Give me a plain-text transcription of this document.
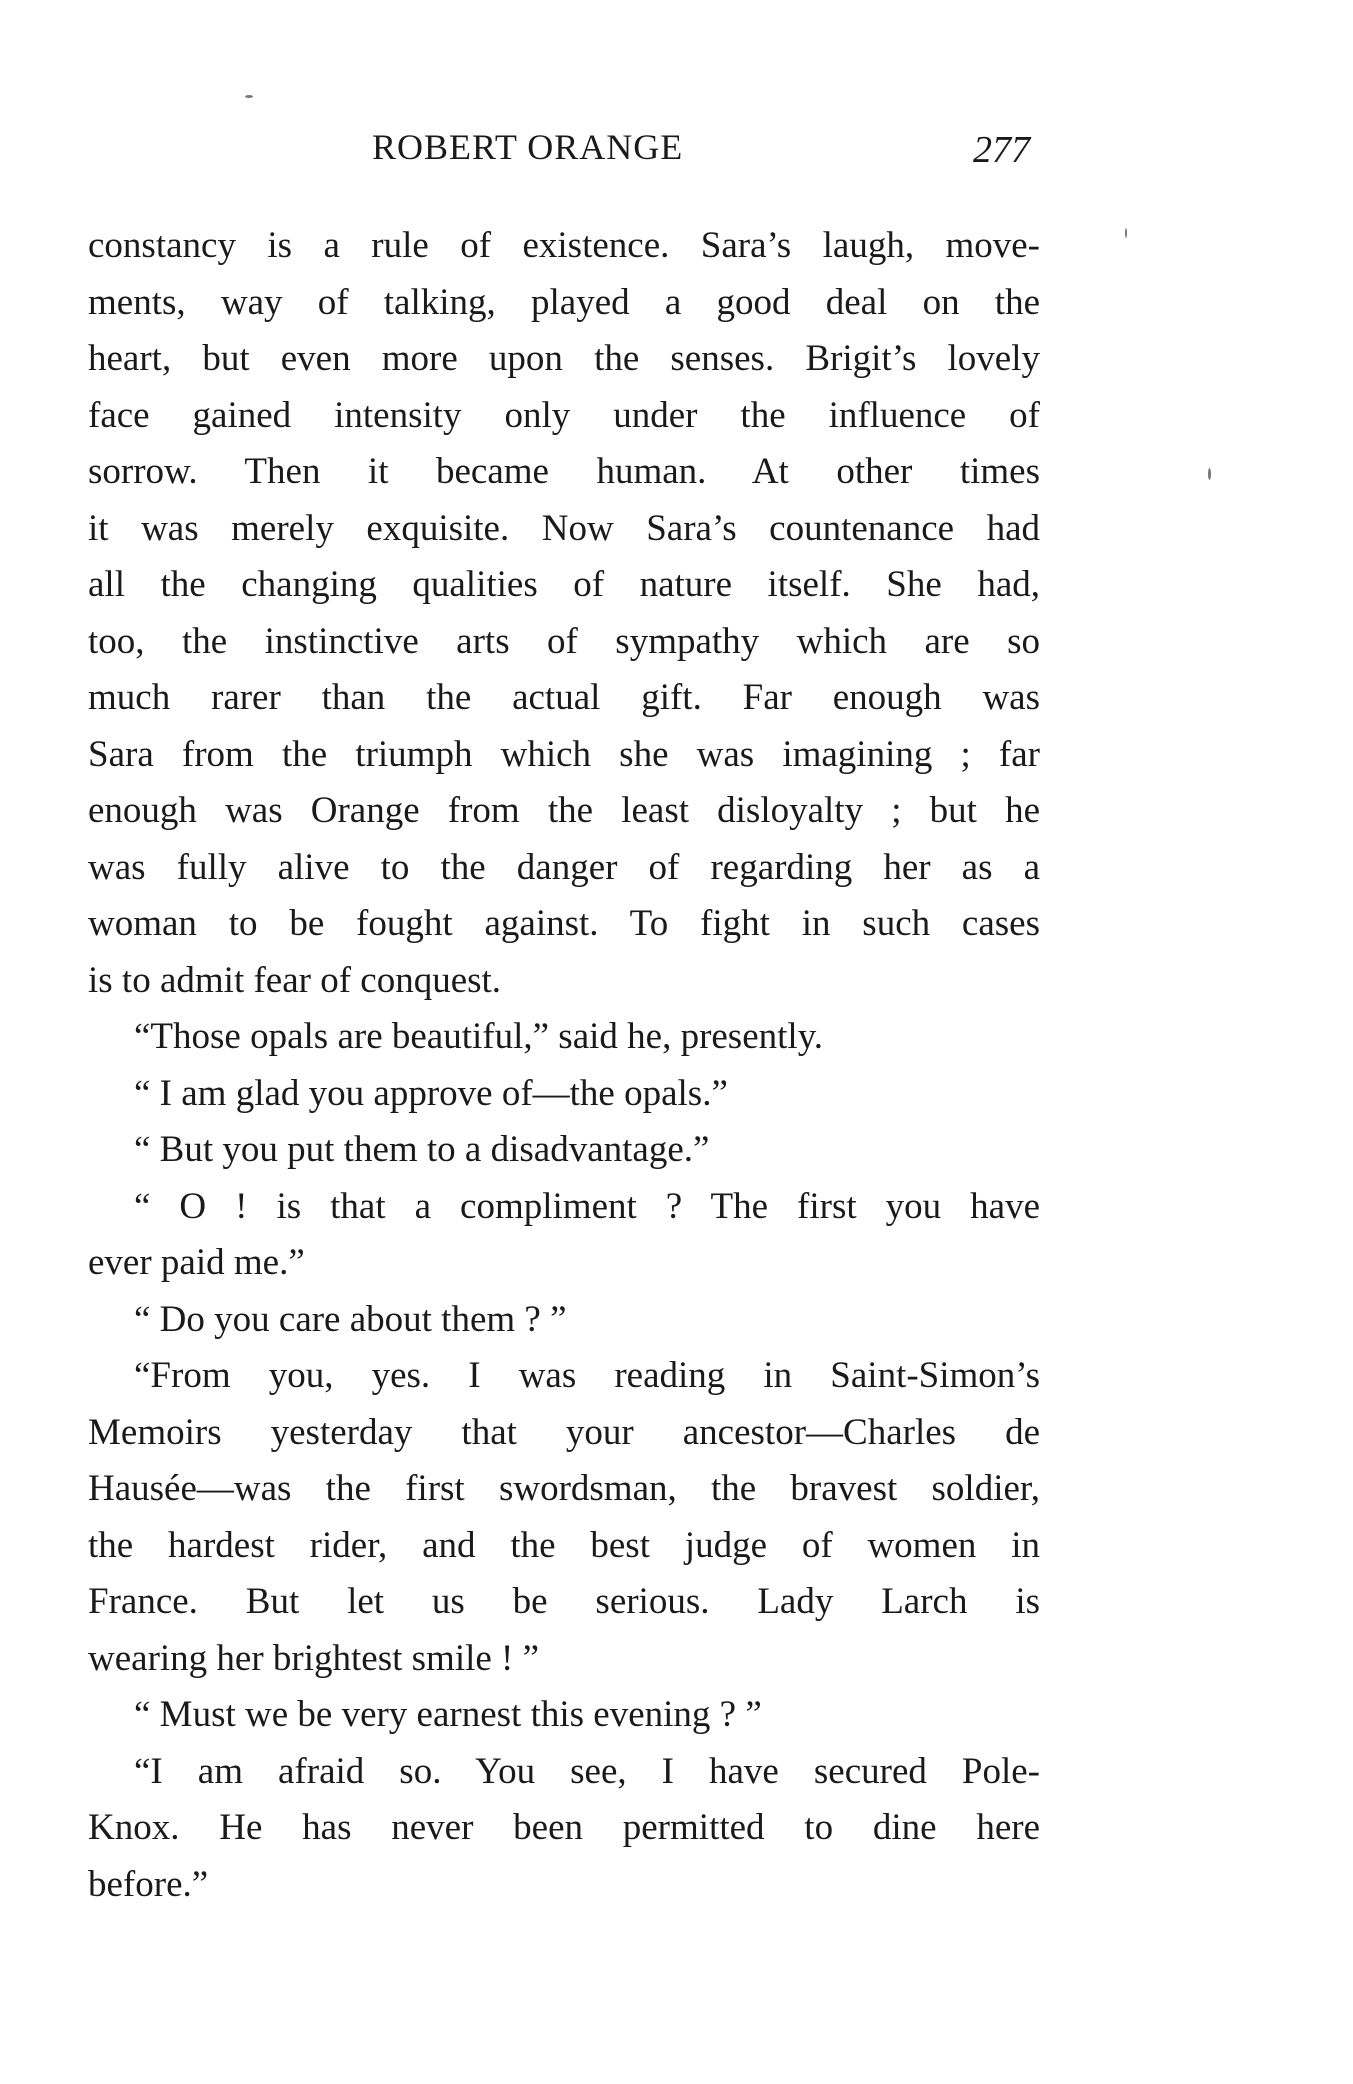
ROBERT ORANGE	277
constancy is a rule of existence. Sara’s laugh, move-
ments, way of talking, played a good deal on the
heart, but even more upon the senses. Brigit’s lovely
face gained intensity only under the influence of
sorrow. Then it became human. At other times
it was merely exquisite. Now Sara’s countenance had
all the changing qualities of nature itself. She had,
too, the instinctive arts of sympathy which are so
much rarer than the actual gift. Far enough was
Sara from the triumph which she was imagining ; far
enough was Orange from the least disloyalty ; but he
was fully alive to the danger of regarding her as a
woman to be fought against. To fight in such cases
is to admit fear of conquest.
“Those opals are beautiful,” said he, presently.
“ I am glad you approve of—the opals.”
“ But you put them to a disadvantage.”
“ O ! is that a compliment ? The first you have
ever paid me.”
“ Do you care about them ? ”
“From you, yes. I was reading in Saint-Simon’s
Memoirs yesterday that your ancestor—Charles de
Hausée—was the first swordsman, the bravest soldier,
the hardest rider, and the best judge of women in
France. But let us be serious. Lady Larch is
wearing her brightest smile ! ”
“ Must we be very earnest this evening ? ”
“I am afraid so. You see, I have secured Pole-
Knox. He has never been permitted to dine here
before.”
